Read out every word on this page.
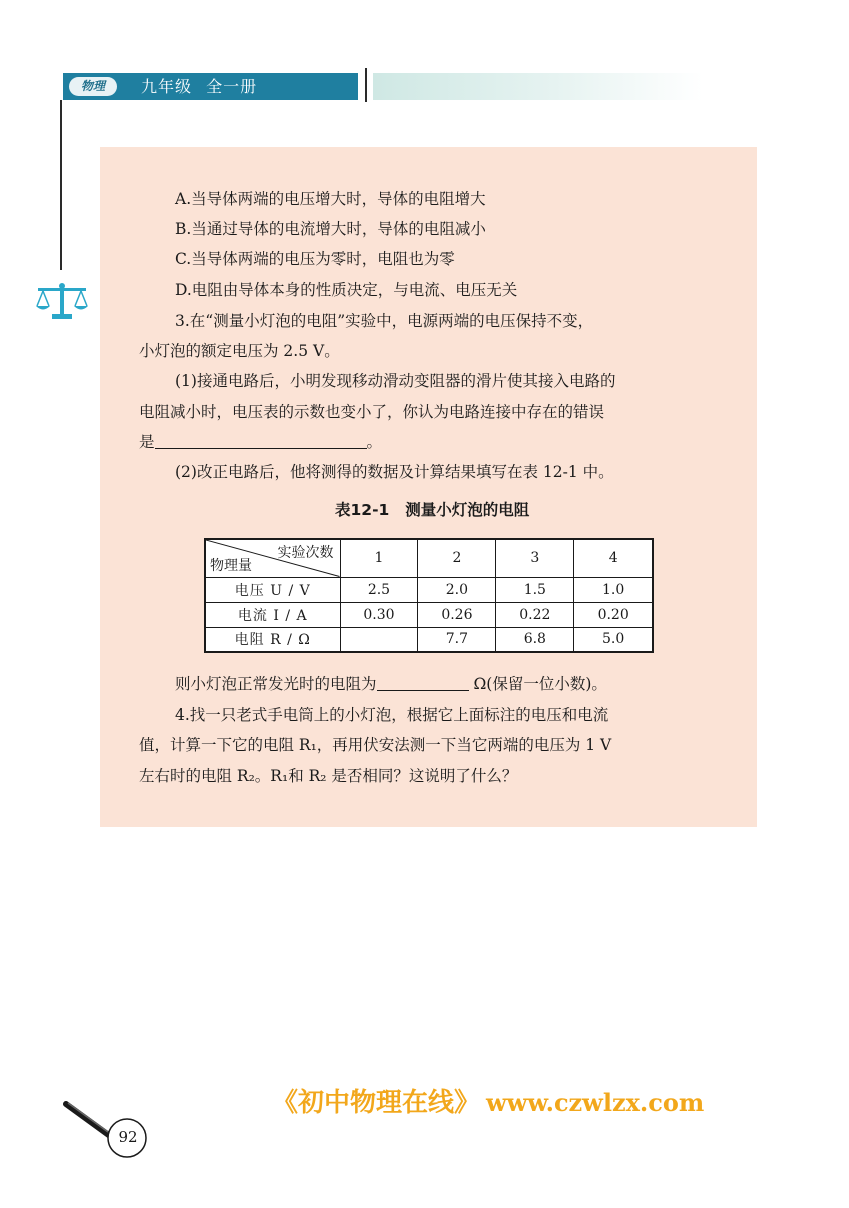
物理	九年级 全一册
A.当导体两端的电压增大时，导体的电阻增大
B.当通过导体的电流增大时，导体的电阻减小
C.当导体两端的电压为零时，电阻也为零
D.电阻由导体本身的性质决定，与电流、电压无关
3.在“测量小灯泡的电阻”实验中，电源两端的电压保持不变，
小灯泡的额定电压为 2.5 V。
(1)接通电路后，小明发现移动滑动变阻器的滑片使其接入电路的
电阻减小时，电压表的示数也变小了，你认为电路连接中存在的错误
是	。
(2)改正电路后，他将测得的数据及计算结果填写在表 12-1 中。
表12-1 测量小灯泡的电阻
实验次数
物理量	1	2	3	4
电压 U / V	2.5	2.0	1.5	1.0
电流 I / A	0.30	0.26	0.22	0.20
电阻 R / Ω		7.7	6.8	5.0
则小灯泡正常发光时的电阻为	Ω(保留一位小数)。
4.找一只老式手电筒上的小灯泡，根据它上面标注的电压和电流
值，计算一下它的电阻 R₁，再用伏安法测一下当它两端的电压为 1 V
左右时的电阻 R₂。R₁和 R₂ 是否相同？这说明了什么？
《初中物理在线》 www.czwlzx.com
92
